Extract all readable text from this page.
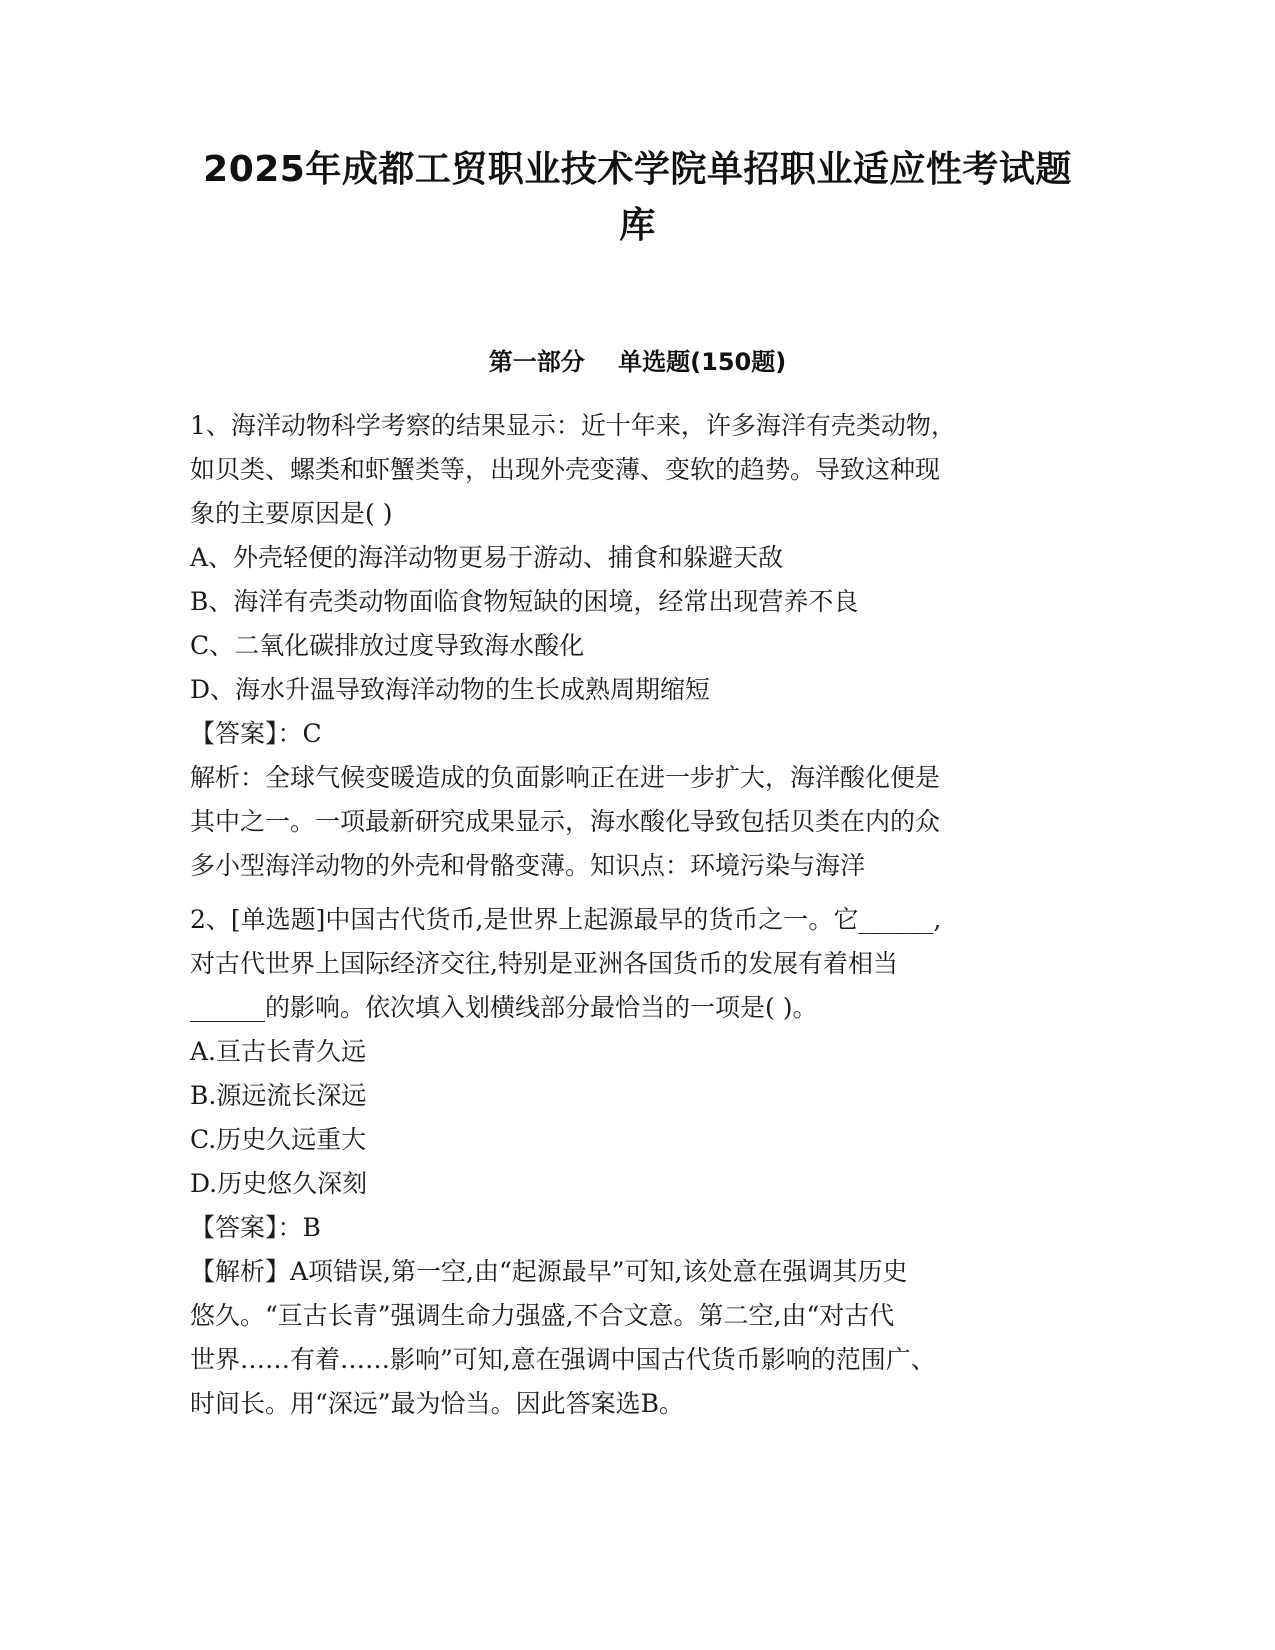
2025年成都工贸职业技术学院单招职业适应性考试题
库
第一部分    单选题(150题)
1、海洋动物科学考察的结果显示：近十年来，许多海洋有壳类动物，
如贝类、螺类和虾蟹类等，出现外壳变薄、变软的趋势。导致这种现
象的主要原因是( )
A、外壳轻便的海洋动物更易于游动、捕食和躲避天敌
B、海洋有壳类动物面临食物短缺的困境，经常出现营养不良
C、二氧化碳排放过度导致海水酸化
D、海水升温导致海洋动物的生长成熟周期缩短
【答案】：C
解析：全球气候变暖造成的负面影响正在进一步扩大，海洋酸化便是
其中之一。一项最新研究成果显示，海水酸化导致包括贝类在内的众
多小型海洋动物的外壳和骨骼变薄。知识点：环境污染与海洋
2、[单选题]中国古代货币,是世界上起源最早的货币之一。它______,
对古代世界上国际经济交往,特别是亚洲各国货币的发展有着相当
______的影响。依次填入划横线部分最恰当的一项是( )。
A.亘古长青久远
B.源远流长深远
C.历史久远重大
D.历史悠久深刻
【答案】：B
【解析】A项错误,第一空,由“起源最早”可知,该处意在强调其历史
悠久。“亘古长青”强调生命力强盛,不合文意。第二空,由“对古代
世界……有着……影响”可知,意在强调中国古代货币影响的范围广、
时间长。用“深远”最为恰当。因此答案选B。
